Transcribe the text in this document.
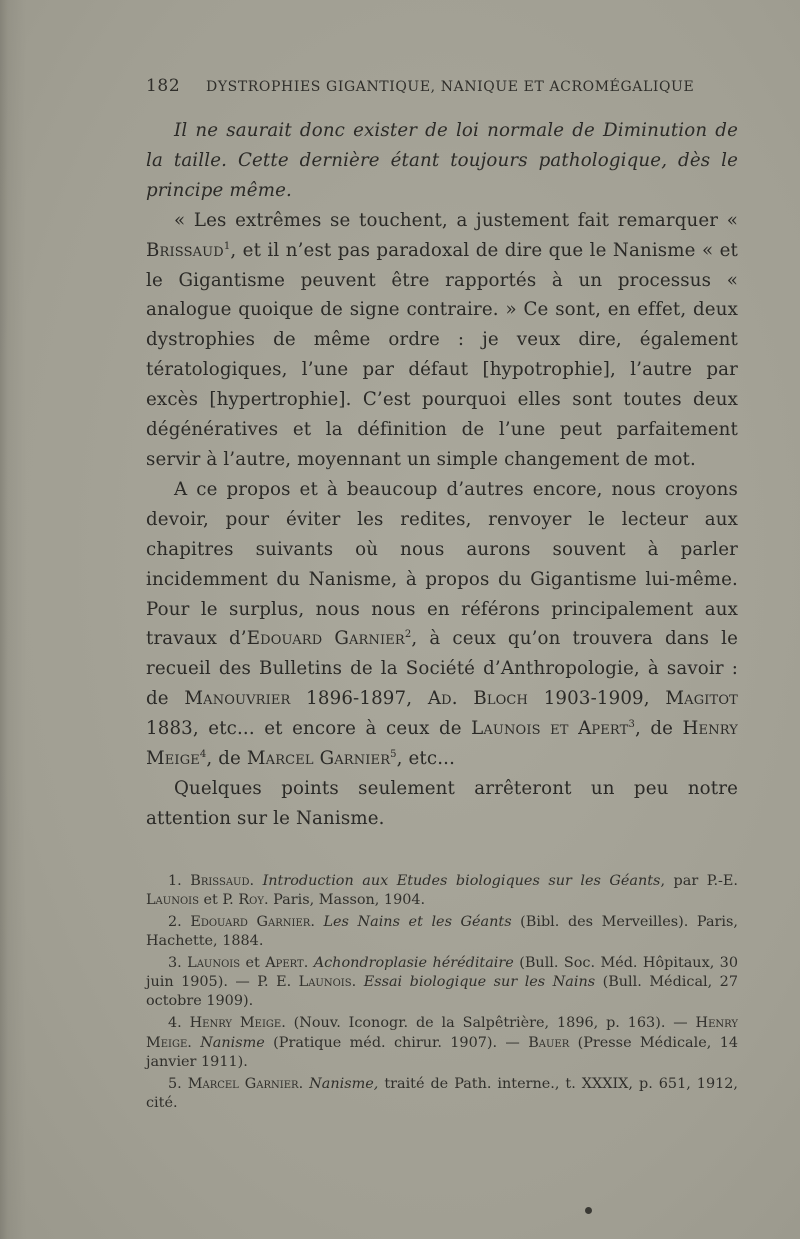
182	DYSTROPHIES GIGANTIQUE, NANIQUE ET ACROMÉGALIQUE

Il ne saurait donc exister de loi normale de Diminution de la taille. Cette dernière étant toujours pathologique, dès le principe même.

« Les extrêmes se touchent, a justement fait remarquer « Brissaud$^1$, et il n’est pas paradoxal de dire que le Nanisme « et le Gigantisme peuvent être rapportés à un processus « analogue quoique de signe contraire. » Ce sont, en effet, deux dystrophies de même ordre : je veux dire, également tératologiques, l’une par défaut [hypotrophie], l’autre par excès [hypertrophie]. C’est pourquoi elles sont toutes deux dégénératives et la définition de l’une peut parfaitement servir à l’autre, moyennant un simple changement de mot.

A ce propos et à beaucoup d’autres encore, nous croyons devoir, pour éviter les redites, renvoyer le lecteur aux chapitres suivants où nous aurons souvent à parler incidemment du Nanisme, à propos du Gigantisme lui-même. Pour le surplus, nous nous en référons principalement aux travaux d’Edouard Garnier$^2$, à ceux qu’on trouvera dans le recueil des Bulletins de la Société d’Anthropologie, à savoir : de Manouvrier 1896-1897, Ad. Bloch 1903-1909, Magitot 1883, etc... et encore à ceux de Launois et Apert$^3$, de Henry Meige$^4$, de Marcel Garnier$^5$, etc...

Quelques points seulement arrêteront un peu notre attention sur le Nanisme.

1. Brissaud. Introduction aux Etudes biologiques sur les Géants, par P.-E. Launois et P. Roy. Paris, Masson, 1904.

2. Edouard Garnier. Les Nains et les Géants (Bibl. des Merveilles). Paris, Hachette, 1884.

3. Launois et Apert. Achondroplasie héréditaire (Bull. Soc. Méd. Hôpitaux, 30 juin 1905). — P. E. Launois. Essai biologique sur les Nains (Bull. Médical, 27 octobre 1909).

4. Henry Meige. (Nouv. Iconogr. de la Salpêtrière, 1896, p. 163). — Henry Meige. Nanisme (Pratique méd. chirur. 1907). — Bauer (Presse Médicale, 14 janvier 1911).

5. Marcel Garnier. Nanisme, traité de Path. interne., t. XXXIX, p. 651, 1912, cité.
